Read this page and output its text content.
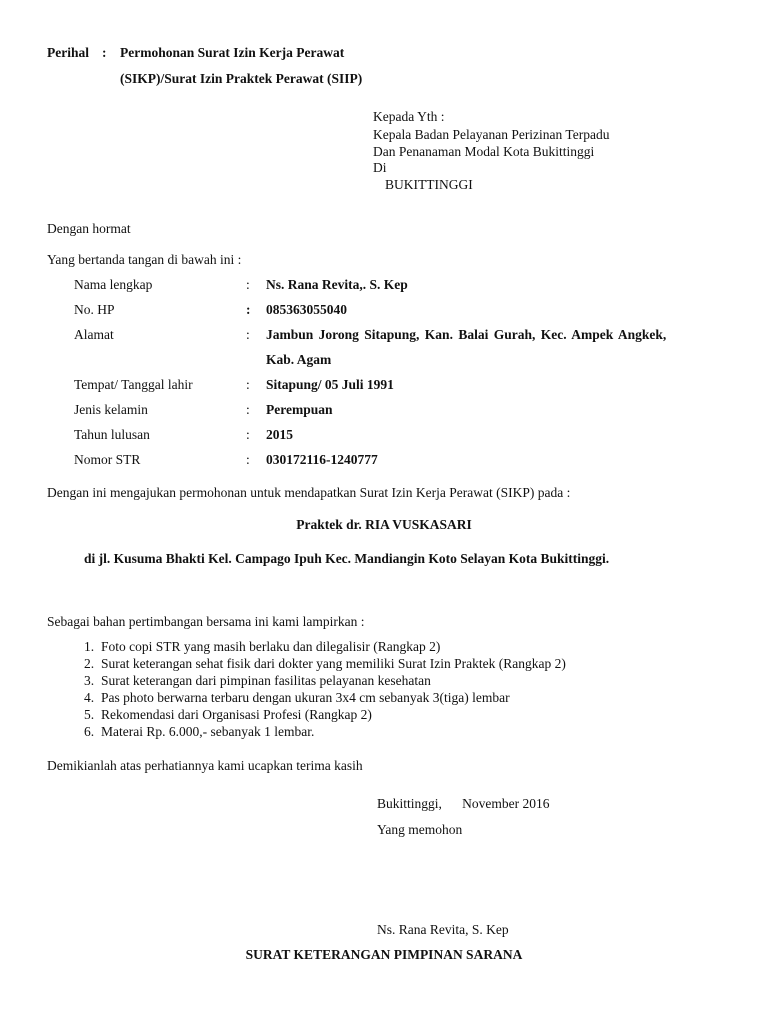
Perihal : Permohonan Surat Izin Kerja Perawat
(SIKP)/Surat Izin Praktek Perawat (SIIP)
Kepada Yth :
Kepala Badan Pelayanan Perizinan Terpadu
Dan Penanaman Modal Kota Bukittinggi
Di
BUKITTINGGI
Dengan hormat
Yang bertanda tangan di bawah ini :
Nama lengkap	: Ns. Rana Revita,. S. Kep
No. HP	: 085363055040
Alamat	: Jambun Jorong Sitapung, Kan. Balai Gurah, Kec. Ampek Angkek,
Kab. Agam
Tempat/ Tanggal lahir	: Sitapung/ 05 Juli 1991
Jenis kelamin	: Perempuan
Tahun lulusan	: 2015
Nomor STR	: 030172116-1240777
Dengan ini mengajukan permohonan untuk mendapatkan Surat Izin Kerja Perawat (SIKP) pada :
Praktek dr. RIA VUSKASARI
di jl. Kusuma Bhakti Kel. Campago Ipuh Kec. Mandiangin Koto Selayan Kota Bukittinggi.
Sebagai bahan pertimbangan bersama ini kami lampirkan :
1. Foto copi STR yang masih berlaku dan dilegalisir (Rangkap 2)
2. Surat keterangan sehat fisik dari dokter yang memiliki Surat Izin Praktek (Rangkap 2)
3. Surat keterangan dari pimpinan fasilitas pelayanan kesehatan
4. Pas photo berwarna terbaru dengan ukuran 3x4 cm sebanyak 3(tiga) lembar
5. Rekomendasi dari Organisasi Profesi (Rangkap 2)
6. Materai Rp. 6.000,- sebanyak 1 lembar.
Demikianlah atas perhatiannya kami ucapkan terima kasih
Bukittinggi,      November 2016
Yang memohon
Ns. Rana Revita, S. Kep
SURAT KETERANGAN PIMPINAN SARANA
